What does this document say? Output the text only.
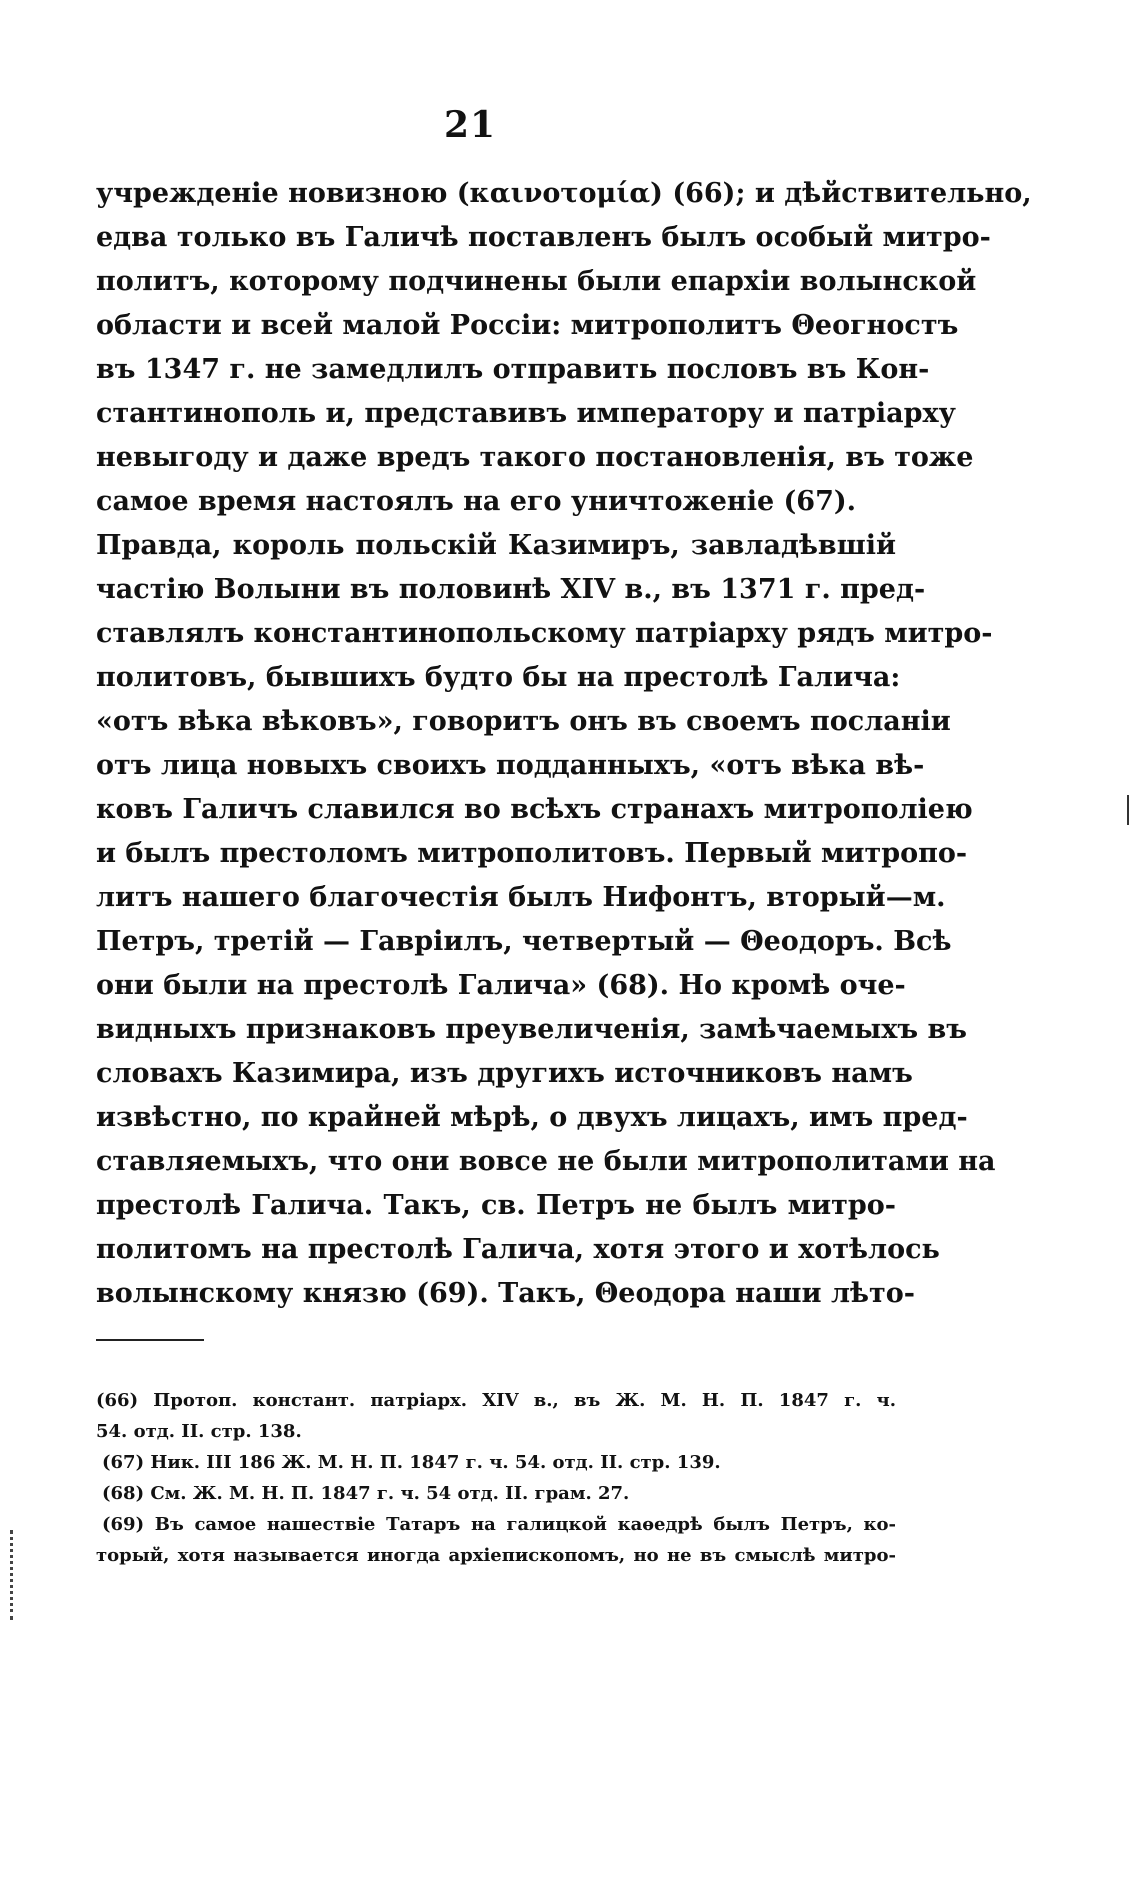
21
учрежденіе новизною (καινοτομία) (66); и дѣйствительно,
едва только въ Галичѣ поставленъ былъ особый митро-
политъ, которому подчинены были епархіи волынской
области и всей малой Россіи: митрополитъ Θеогностъ
въ 1347 г. не замедлилъ отправить пословъ въ Кон-
стантинополь и, представивъ императору и патріарху
невыгоду и даже вредъ такого постановленія, въ тоже
самое время настоялъ на его уничтоженіе (67).
Правда, король польскій Казимиръ, завладѣвшій
частію Волыни въ половинѣ XIV в., въ 1371 г. пред-
ставлялъ константинопольскому патріарху рядъ митро-
политовъ, бывшихъ будто бы на престолѣ Галича:
«отъ вѣка вѣковъ», говоритъ онъ въ своемъ посланіи
отъ лица новыхъ своихъ подданныхъ, «отъ вѣка вѣ-
ковъ Галичъ славился во всѣхъ странахъ митрополіею
и былъ престоломъ митрополитовъ. Первый митропо-
литъ нашего благочестія былъ Нифонтъ, вторый—м.
Петръ, третій — Гавріилъ, четвертый — Θеодоръ. Всѣ
они были на престолѣ Галича» (68). Но кромѣ оче-
видныхъ признаковъ преувеличенія, замѣчаемыхъ въ
словахъ Казимира, изъ другихъ источниковъ намъ
извѣстно, по крайней мѣрѣ, о двухъ лицахъ, имъ пред-
ставляемыхъ, что они вовсе не были митрополитами на
престолѣ Галича. Такъ, св. Петръ не былъ митро-
политомъ на престолѣ Галича, хотя этого и хотѣлось
волынскому князю (69). Такъ, Θеодора наши лѣто-
(66) Протоп. констант. патріарх. XIV в., въ Ж. М. Н. П. 1847 г. ч.
54. отд. II. стр. 138.
(67) Ник. III 186 Ж. М. Н. П. 1847 г. ч. 54. отд. II. стр. 139.
(68) См. Ж. М. Н. П. 1847 г. ч. 54 отд. II. грам. 27.
(69) Въ самое нашествіе Татаръ на галицкой каѳедрѣ былъ Петръ, ко-
торый, хотя называется иногда архіепископомъ, но не въ смыслѣ митро-
